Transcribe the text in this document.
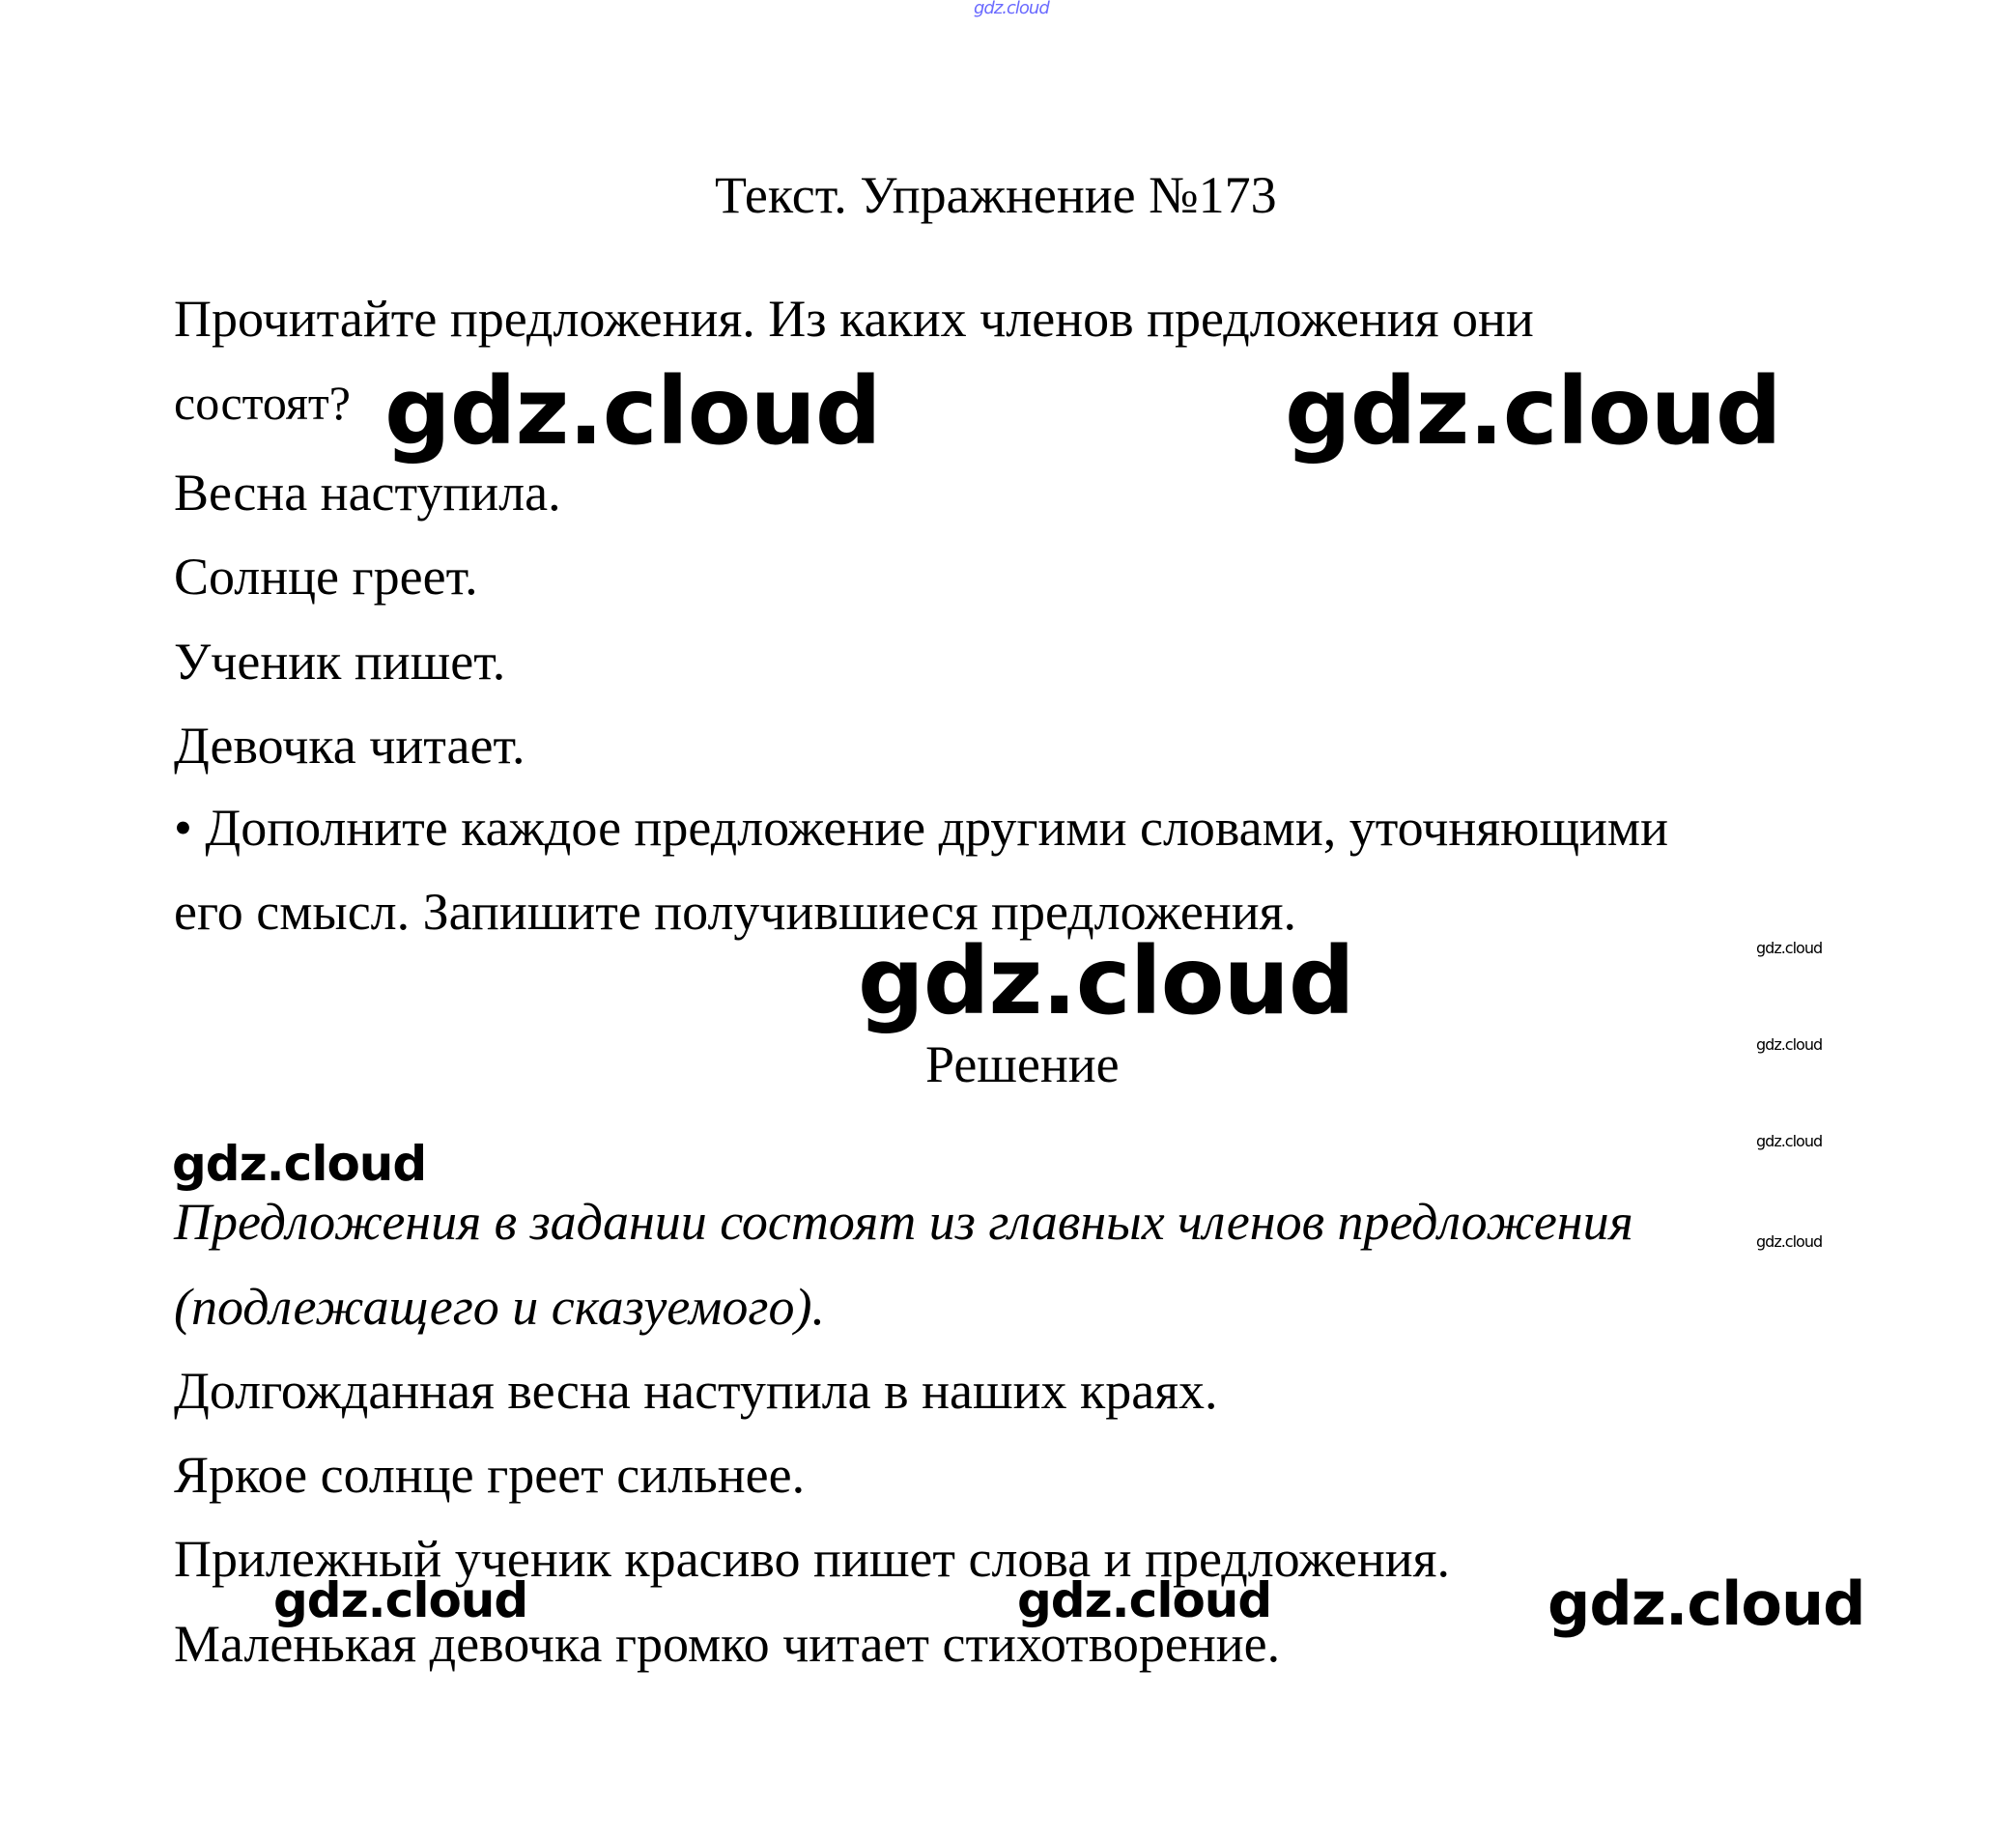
gdz.cloud
Текст. Упражнение №173
Прочитайте предложения. Из каких членов предложения они
состоят?
Весна наступила.
Солнце греет.
Ученик пишет.
Девочка читает.
• Дополните каждое предложение другими словами, уточняющими
его смысл. Запишите получившиеся предложения.
Решение
Предложения в задании состоят из главных членов предложения
(подлежащего и сказуемого).
Долгожданная весна наступила в наших краях.
Яркое солнце греет сильнее.
Прилежный ученик красиво пишет слова и предложения.
Маленькая девочка громко читает стихотворение.
gdz.cloud	gdz.cloud
gdz.cloud
gdz.cloud
gdz.cloud	gdz.cloud	gdz.cloud
gdz.cloud
gdz.cloud
gdz.cloud
gdz.cloud
